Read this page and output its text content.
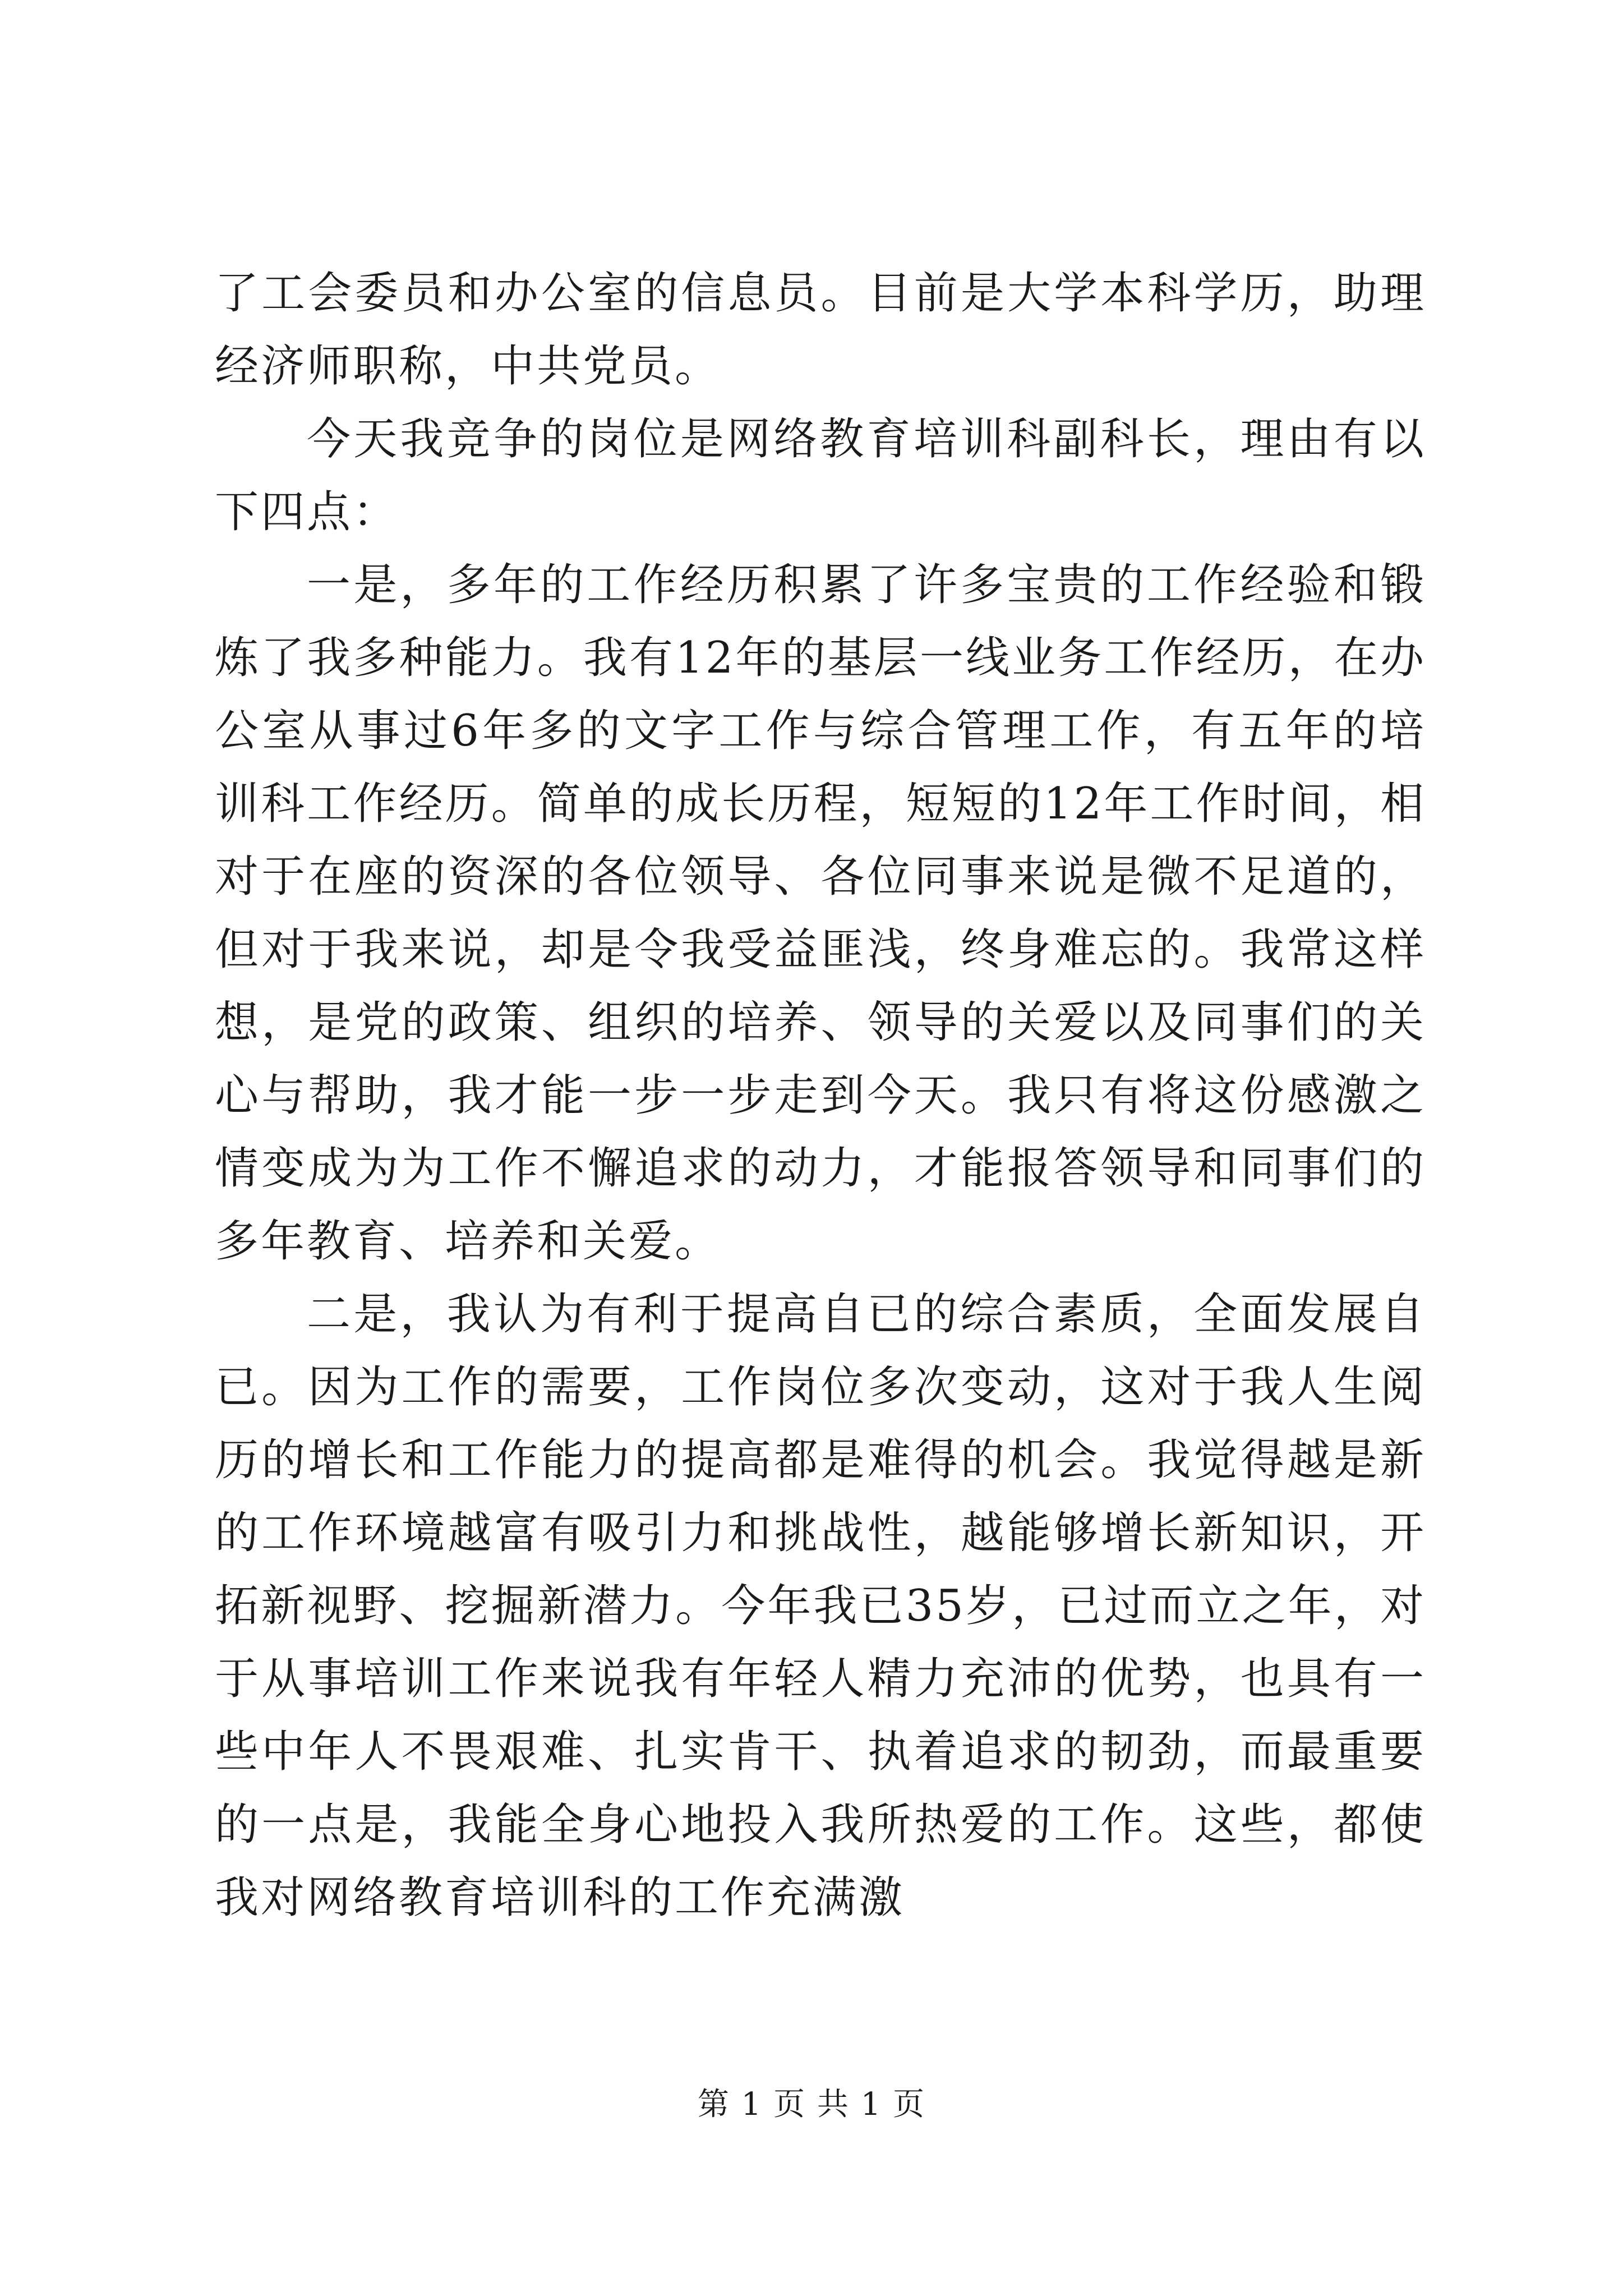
了工会委员和办公室的信息员。目前是大学本科学历，助理经济师职称，中共党员。

今天我竞争的岗位是网络教育培训科副科长，理由有以下四点：

一是，多年的工作经历积累了许多宝贵的工作经验和锻炼了我多种能力。我有12年的基层一线业务工作经历，在办公室从事过6年多的文字工作与综合管理工作，有五年的培训科工作经历。简单的成长历程，短短的12年工作时间，相对于在座的资深的各位领导、各位同事来说是微不足道的，但对于我来说，却是令我受益匪浅，终身难忘的。我常这样想，是党的政策、组织的培养、领导的关爱以及同事们的关心与帮助，我才能一步一步走到今天。我只有将这份感激之情变成为为工作不懈追求的动力，才能报答领导和同事们的多年教育、培养和关爱。

二是，我认为有利于提高自已的综合素质，全面发展自已。因为工作的需要，工作岗位多次变动，这对于我人生阅历的增长和工作能力的提高都是难得的机会。我觉得越是新的工作环境越富有吸引力和挑战性，越能够增长新知识，开拓新视野、挖掘新潜力。今年我已35岁，已过而立之年，对于从事培训工作来说我有年轻人精力充沛的优势，也具有一些中年人不畏艰难、扎实肯干、执着追求的韧劲，而最重要的一点是，我能全身心地投入我所热爱的工作。这些，都使我对网络教育培训科的工作充满激

第 1 页 共 1 页
